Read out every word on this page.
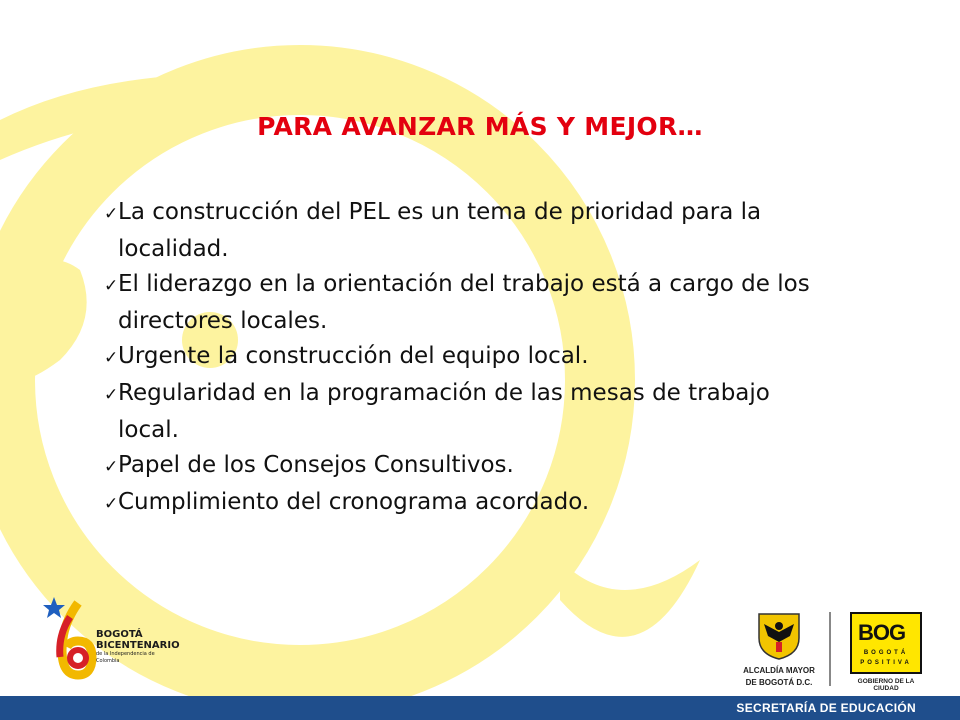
PARA AVANZAR MÁS Y MEJOR…
✓La construcción del PEL es un tema de prioridad para la localidad.
✓El liderazgo en la orientación del trabajo está a cargo de los directores locales.
✓Urgente la construcción del equipo local.
✓Regularidad en la programación de las mesas de trabajo local.
✓Papel de los Consejos Consultivos.
✓Cumplimiento del cronograma acordado.
BOGOTÁ
BICENTENARIO
de la Independencia de Colombia
ALCALDÍA MAYOR
DE BOGOTÁ D.C.
BOG
BOGOTÁ
POSITIVA
GOBIERNO DE LA CIUDAD
SECRETARÍA DE EDUCACIÓN
